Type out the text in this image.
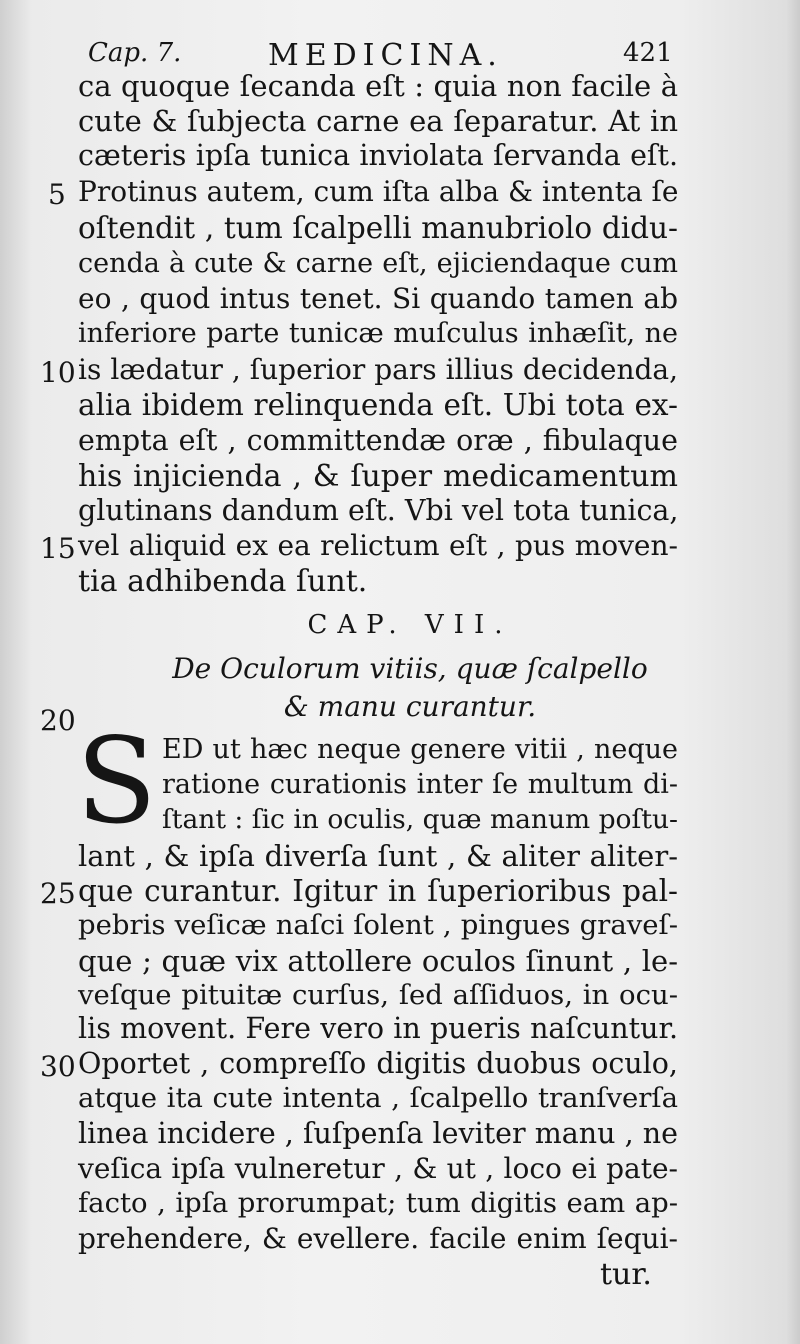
Cap. 7.	MEDICINA.	421
ca quoque ſecanda eſt : quia non facile à
cute & ſubjecta carne ea ſeparatur. At in
cæteris ipſa tunica inviolata ſervanda eſt.
Protinus autem, cum iſta alba & intenta ſe
oſtendit , tum ſcalpelli manubriolo didu-
cenda à cute & carne eſt, ejiciendaque cum
eo , quod intus tenet. Si quando tamen ab
inferiore parte tunicæ muſculus inhæſit, ne
is lædatur , ſuperior pars illius decidenda,
alia ibidem relinquenda eſt. Ubi tota ex-
empta eſt , committendæ oræ , fibulaque
his injicienda , & ſuper medicamentum
glutinans dandum eſt. Vbi vel tota tunica,
vel aliquid ex ea relictum eſt , pus moven-
tia adhibenda ſunt.
5
10
15
20
25
30
CAP. VII.
De Oculorum vitiis, quæ ſcalpello
& manu curantur.
S ED ut hæc neque genere vitii , neque
ratione curationis inter ſe multum di-
ſtant : ſic in oculis, quæ manum poſtu-
lant , & ipſa diverſa ſunt , & aliter aliter-
que curantur. Igitur in ſuperioribus pal-
pebris veſicæ naſci ſolent , pingues graveſ-
que ; quæ vix attollere oculos ſinunt , le-
veſque pituitæ curſus, ſed aſſiduos, in ocu-
lis movent. Fere vero in pueris naſcuntur.
Oportet , compreſſo digitis duobus oculo,
atque ita cute intenta , ſcalpello tranſverſa
linea incidere , ſuſpenſa leviter manu , ne
veſica ipſa vulneretur , & ut , loco ei pate-
facto , ipſa prorumpat; tum digitis eam ap-
prehendere, & evellere. facile enim ſequi-
tur.
